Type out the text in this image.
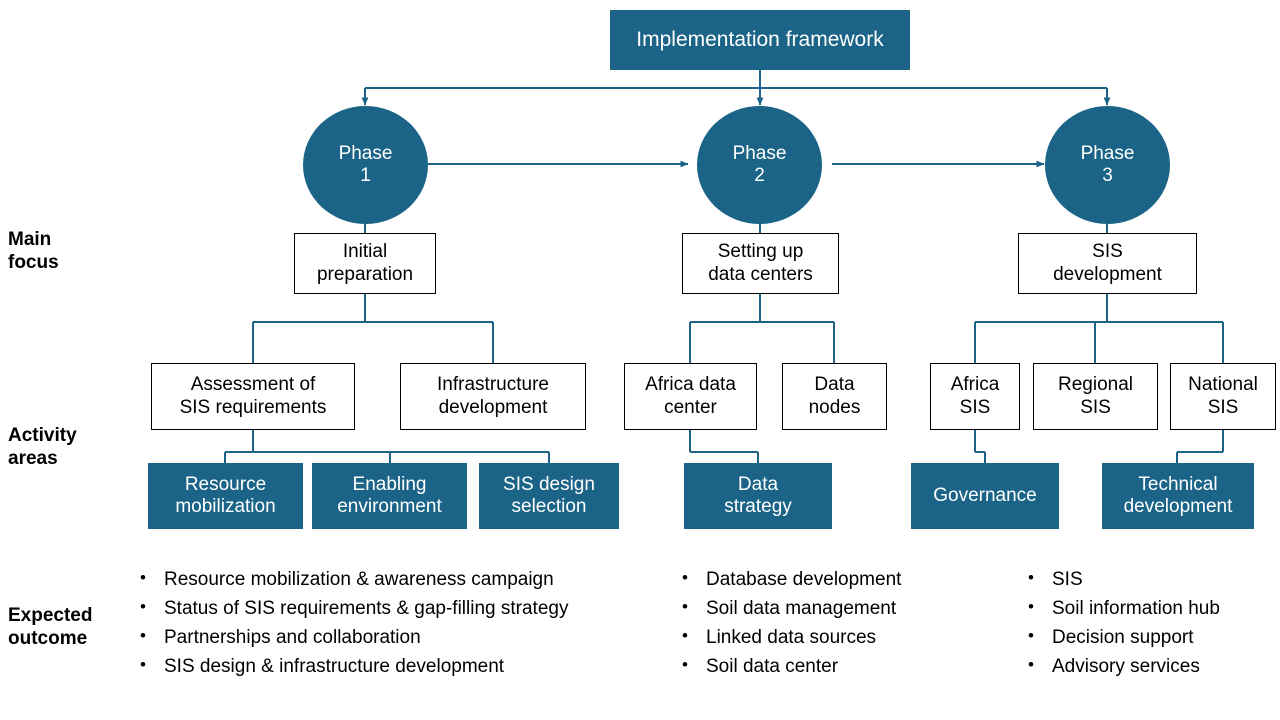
Implementation framework
Phase
1
Phase
2
Phase
3
Main
focus
Activity
areas
Expected
outcome
Initial
preparation
Setting up
data centers
SIS
development
Assessment of
SIS requirements
Infrastructure
development
Africa data
center
Data
nodes
Africa
SIS
Regional
SIS
National
SIS
Resource
mobilization
Enabling
environment
SIS design
selection
Data
strategy
Governance
Technical
development
• Resource mobilization & awareness campaign
• Status of SIS requirements & gap-filling strategy
• Partnerships and collaboration
• SIS design & infrastructure development
• Database development
• Soil data management
• Linked data sources
• Soil data center
• SIS
• Soil information hub
• Decision support
• Advisory services
